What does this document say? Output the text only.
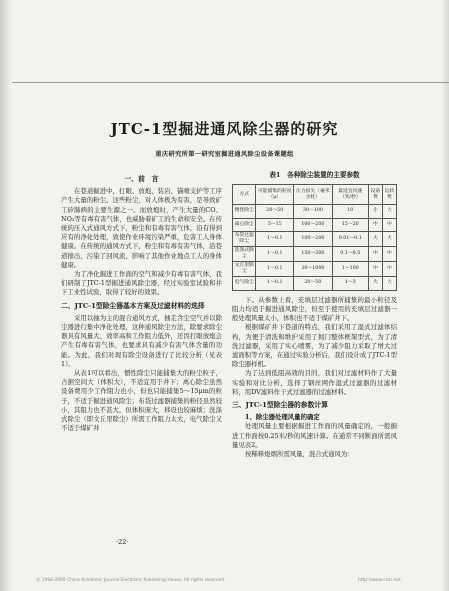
JTC-1型掘进通风除尘器的研究
重庆研究所第一研究室掘进通风除尘设备课题组
一、前　言

在巷道掘进中，打眼、放炮、装岩、锚喷支护等工序产生大量的粉尘。这些粉尘，对人体极为有害，是导致矿工矽肺病的主要生源之一。而放炮时，产生大量的CO、NO₂等有毒有害气体，也威胁着矿工的生命和安全。在传统的压入式通风方式下，粉尘和有毒有害气体，沿有得到应有的净化处理，致使作业环境污染严重，危害工人身体健康。在传统的通风方式下，粉尘和有毒有害气体，沿巷道排出，污染了回风流，影响了其他作业地点工人的身体健康。

为了净化掘进工作面的空气和减少有毒有害气体，我们研制了JTC-1型掘进通风除尘器，经过实验室试验和井下工业性试验，取得了较好的效果。

二、JTC-1型除尘器基本方案及过滤材料的选择

采用以抽为主的混合通风方式，抽走含尘空气并以除尘器进行集中净化处理，这种通风除尘方法，除要求除尘器具有风量大、效率高和工作阻力低外，还因打眼放炮会产生有毒有害气体，也要求具有减少有害气体含量的功能。为此，我们对现有除尘设备进行了比较分析（见表1）。

从表1可以看出，惯性除尘只能捕集大的粉尘粒子，占据空间大（体积大），不适宜用于井下；离心除尘虽然设备费用少工作阻力也小，但也只能捕集5～15μm的粒子，不适于掘进通风除尘；布袋过滤器捕集的粉径虽然较小，其阻力也不甚大，但体积庞大，移设也较麻烦；洗涤式除尘（即文丘里除尘）所需工作阻力太大，电气除尘又不适于煤矿井

表1　各种除尘装置的主要参数
方式	可能捕集的粒度（μ）	压力损失（毫米水柱）	最适宜风速（米/秒）	设备费	运转费
惯性除尘	20～50	30～100	10	小	大
离心除尘	5～15	100～200	15～20	中	中
布袋过滤除尘	1～0.1	100～200	0.01～0.1	大	大
洗涤式除尘	1～0.1	150～300	0.1～0.5	中	中
文丘里除尘	1～0.1	30～1000	1～100	中	中
电气除尘	1～0.1	20～50	1～3	大	大

下。从参数上看，充填层过滤器所捕集的最小粒径及阻力均适于掘进通风除尘，但至于使用的充填层过滤器一般处理风量太小，体积也不适于煤矿井下。

根据煤矿井下巷道的特点，我们采用了湿式过滤体结构，为便于清洗和维护采用了拥门整体框架型式，为了清洗过滤器，采用了实心喷雾，为了减少阻力采取了增大过滤面积等方案，在通过实验分析后，我们设计成了JTC-1型除尘器样机。

为了达到低阻高效的目的，我们对过滤材料作了大量实验和对比分析，选择了钢丝网作湿式过滤器的过滤材料，用DV滤料作干式过滤器的过滤材料。

三、JTC-1型除尘器的参数计算

1、除尘器处理风量的确定

处理风量主要根据掘进工作面的风量确定的，一般掘进工作面按0.25米/秒的风速计算。在通常不同断面所需风量见表2。

按稀释炮烟所需风量，混合式通风为：

·22·
© 1994-2009 China Academic Journal Electronic Publishing House. All rights reserved.	http://www.cnki.net
